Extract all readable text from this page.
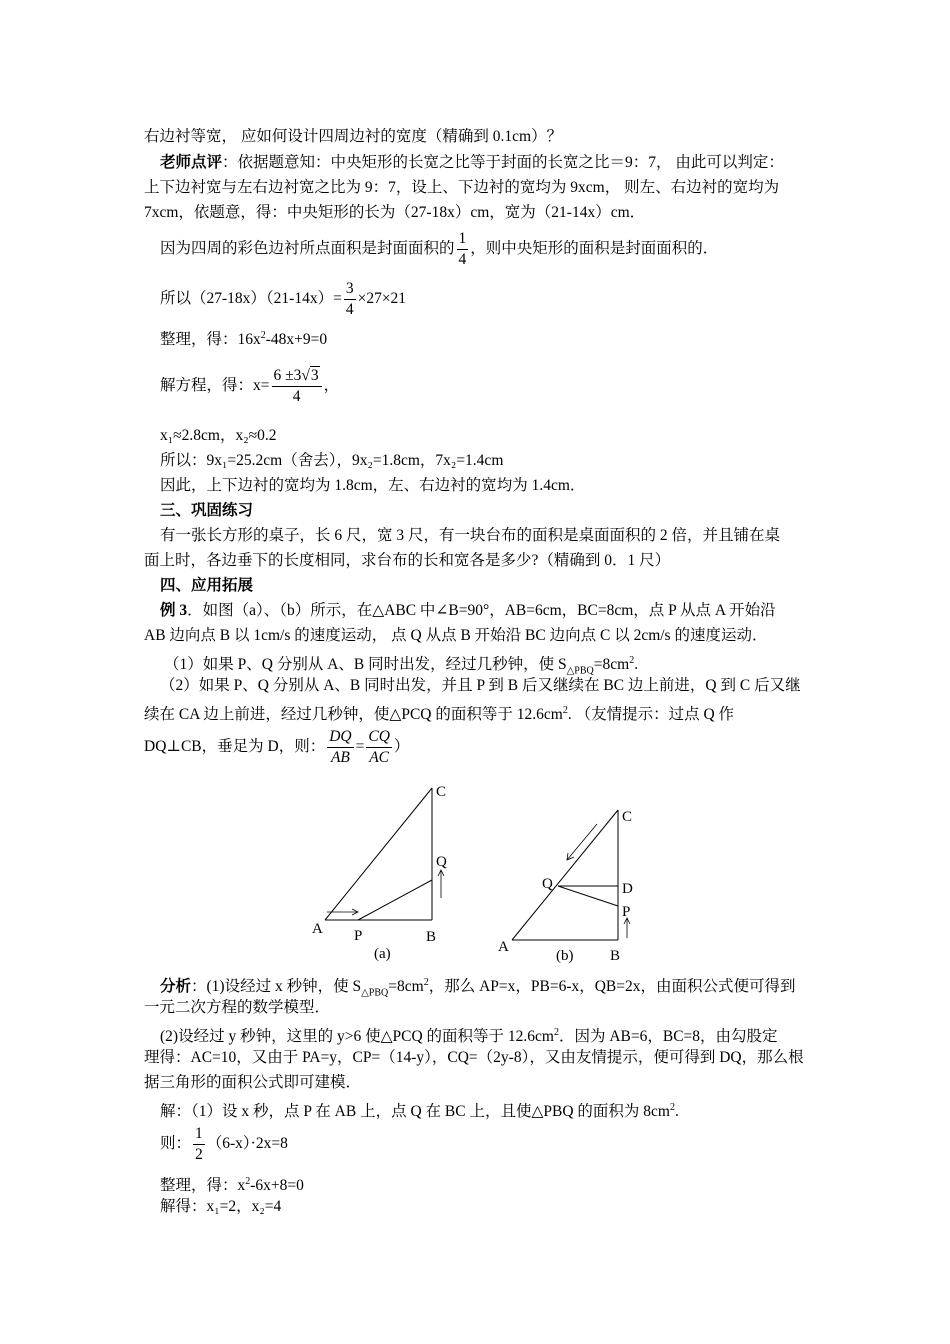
右边衬等宽， 应如何设计四周边衬的宽度（精确到 0.1cm）？
老师点评：依据题意知：中央矩形的长宽之比等于封面的长宽之比＝9：7， 由此可以判定：
上下边衬宽与左右边衬宽之比为 9：7，设上、下边衬的宽均为 9xcm， 则左、右边衬的宽均为
7xcm，依题意，得：中央矩形的长为（27-18x）cm，宽为（21-14x）cm．
因为四周的彩色边衬所点面积是封面面积的 $\frac{1}{4}$ ，则中央矩形的面积是封面面积的．
所以$(27-18x)(21-14x)= \frac{3}{4} \times 27\times 21$
整理，得：$16x^2-48x+9=0$
解方程，得：$x= \frac{6 \pm 3√3}{4}$ ，
x₁≈2.8cm，x₂≈0.2
所以：9x₁=25.2cm（舍去），9x₂=1.8cm，7x₂=1.4cm
因此，上下边衬的宽均为 1.8cm，左、右边衬的宽均为 1.4cm．
三、巩固练习
有一张长方形的桌子，长 6 尺，宽 3 尺，有一块台布的面积是桌面面积的 2 倍，并且铺在桌
面上时，各边垂下的长度相同，求台布的长和宽各是多少?（精确到 0．1 尺）
四、应用拓展
例 3．如图（a）、（b）所示，在△ABC 中∠B=90°，AB=6cm，BC=8cm，点 P 从点 A 开始沿
AB 边向点 B 以 1cm/s 的速度运动， 点 Q 从点 B 开始沿 BC 边向点 C 以 2cm/s 的速度运动．
（1）如果 P、Q 分别从 A、B 同时出发，经过几秒钟，使 $S_{\triangle PBQ}=8cm^2$.
（2）如果 P、Q 分别从 A、B 同时出发，并且 P 到 B 后又继续在 BC 边上前进，Q 到 C 后又继
续在 CA 边上前进，经过几秒钟，使△PCQ 的面积等于 $12.6cm^2$. （友情提示：过点 Q 作
DQ⊥CB，垂足为 D，则： $\frac{DQ}{AB} = \frac{CQ}{AC}$ ）
C
Q
A P	B
(a)
C
Q	D
P
A
B
(b)
分析：(1)设经过 x 秒钟，使 $S_{\triangle PBQ}=8cm^2$，那么 AP=x，PB=6-x，QB=2x，由面积公式便可得到
一元二次方程的数学模型．
(2)设经过 y 秒钟，这里的 y>6 使△PCQ 的面积等于 $12.6cm^2$．因为 AB=6，BC=8，由勾股定
理得：AC=10，又由于 PA=y，CP=（14-y），CQ=（2y-8），又由友情提示，便可得到 DQ，那么根
据三角形的面积公式即可建模．
解：（1）设 x 秒，点 P 在 AB 上，点 Q 在 BC 上，且使△PBQ 的面积为 $8cm^2$.
则： $\frac{1}{2} (6-x)\cdot 2x=8$
整理，得：$x^2-6x+8=0$
解得：x₁=2，x₂=4
